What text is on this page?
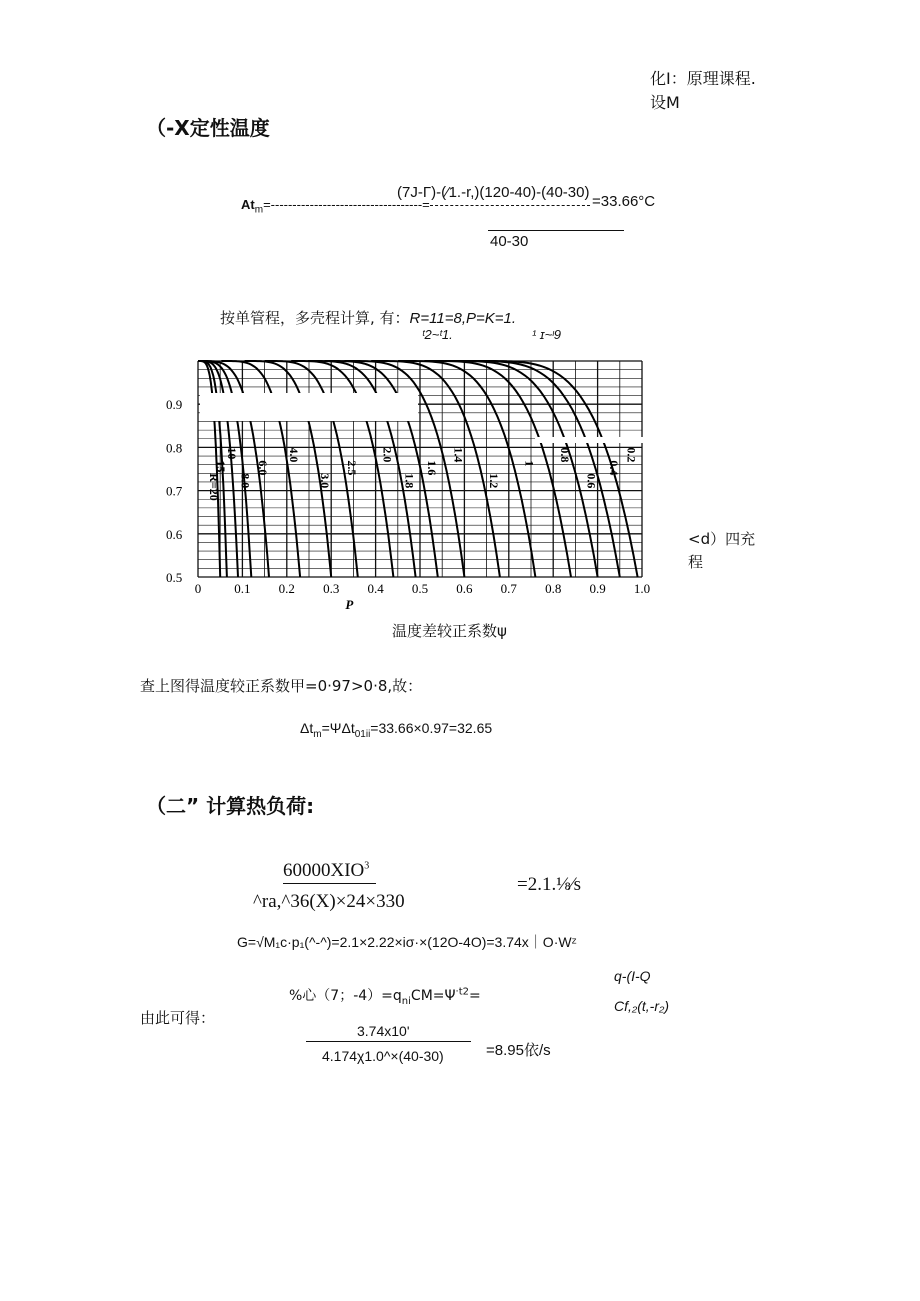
化I：原理课程.
设M
（-X定性温度
(7J-Γ)-(⁄1.-r,)(120-40)-(40-30)
$At_m=-----------------------------------=$	=33.66°C
40-30
按单管程，多壳程计算, 有：R=11=8,P=K=1.
ᵗ2~ᵗ1.	¹ ɪ~ᶦ9
R=20
15
10
8.0
6.0
4.0
3.0
2.5
2.0
1.8
1.6
1.4
1.2
1
0.8
0.6
0.4
0.2
0.5
0.6
0.7
0.8
0.9
0	0.1 0.2 0.3 0.4 0.5 0.6 0.7 0.8 0.9 1.0
P
温度差较正系数ψ
<d）四充
程
查上图得温度较正系数甲=0·97>0·8,故：
$\Delta t_m=\Psi\Delta t_{01ii}=33.66\times 0.97=32.65$
（二” 计算热负荷:
60000XIO$^3$
^ra,^36(X)×24×330
=2.1.⅛⁄s
G=√M₁c·p₁(^-^)=2.1×2.22×iσ·×(12O-4O)=3.74x｜O·Wᶻ
q-(I-Q
%心（7；$-4)=q_{ni}CM=\Psi^{\cdot t2}=$
Cf,₂(t,-r₂)
由此可得：
3.74x10'
4.174χ1.0^×(40-30)	=8.95依/s
